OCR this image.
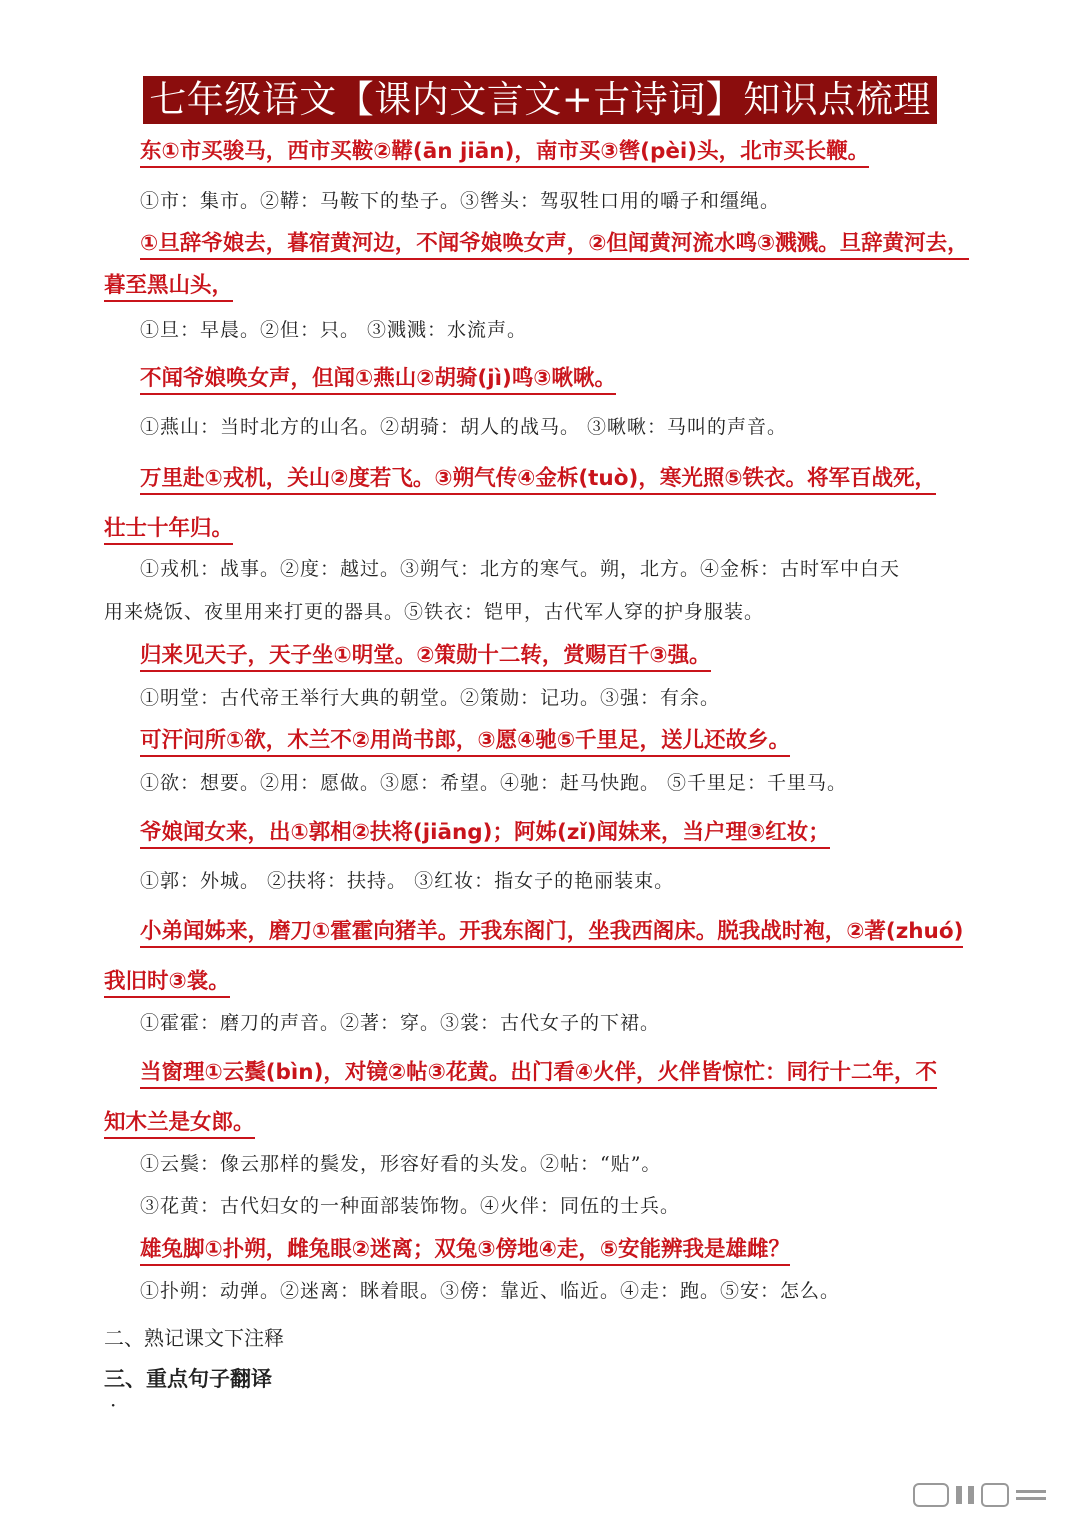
七年级语文【课内文言文+古诗词】知识点梳理

东①市买骏马，西市买鞍②鞯(ān jiān)，南市买③辔(pèi)头，北市买长鞭。

①市：集市。②鞯：马鞍下的垫子。③辔头：驾驭牲口用的嚼子和缰绳。

①旦辞爷娘去，暮宿黄河边，不闻爷娘唤女声，②但闻黄河流水鸣③溅溅。旦辞黄河去，

暮至黑山头，

①旦：早晨。②但：只。 ③溅溅：水流声。

不闻爷娘唤女声，但闻①燕山②胡骑(jì)鸣③啾啾。

①燕山：当时北方的山名。②胡骑：胡人的战马。 ③啾啾：马叫的声音。

万里赴①戎机，关山②度若飞。③朔气传④金柝(tuò)，寒光照⑤铁衣。将军百战死，

壮士十年归。

①戎机：战事。②度：越过。③朔气：北方的寒气。朔，北方。④金柝：古时军中白天

用来烧饭、夜里用来打更的器具。⑤铁衣：铠甲，古代军人穿的护身服装。

归来见天子，天子坐①明堂。②策勋十二转，赏赐百千③强。

①明堂：古代帝王举行大典的朝堂。②策勋：记功。③强：有余。

可汗问所①欲，木兰不②用尚书郎，③愿④驰⑤千里足，送儿还故乡。

①欲：想要。②用：愿做。③愿：希望。④驰：赶马快跑。 ⑤千里足：千里马。

爷娘闻女来，出①郭相②扶将(jiāng)；阿姊(zǐ)闻妹来，当户理③红妆；

①郭：外城。 ②扶将：扶持。 ③红妆：指女子的艳丽装束。

小弟闻姊来，磨刀①霍霍向猪羊。开我东阁门，坐我西阁床。脱我战时袍，②著(zhuó)

我旧时③裳。

①霍霍：磨刀的声音。②著：穿。③裳：古代女子的下裙。

当窗理①云鬓(bìn)，对镜②帖③花黄。出门看④火伴，火伴皆惊忙：同行十二年，不

知木兰是女郎。

①云鬓：像云那样的鬓发，形容好看的头发。②帖：“贴”。

③花黄：古代妇女的一种面部装饰物。④火伴：同伍的士兵。

雄兔脚①扑朔，雌兔眼②迷离；双兔③傍地④走，⑤安能辨我是雄雌？

①扑朔：动弹。②迷离：眯着眼。③傍：靠近、临近。④走：跑。⑤安：怎么。

二、熟记课文下注释

三、重点句子翻译

·
